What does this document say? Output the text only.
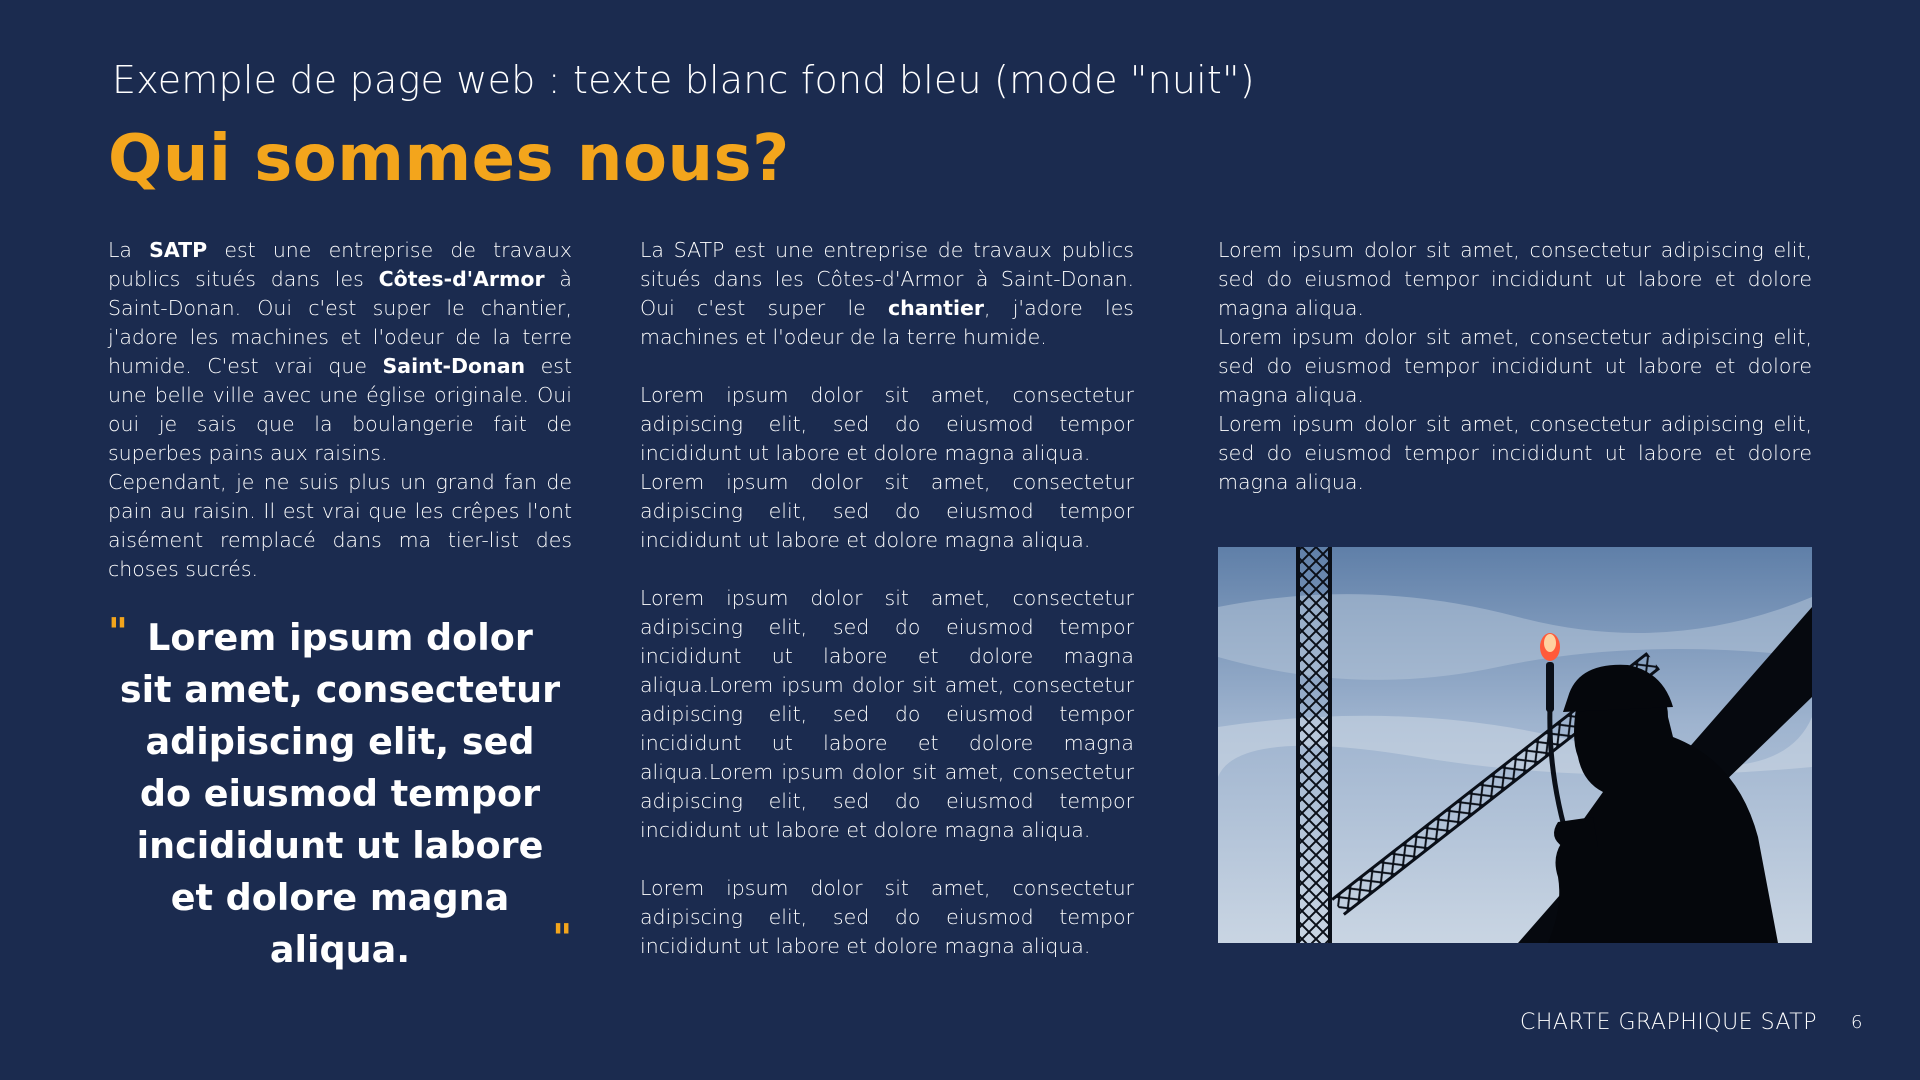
Exemple de page web : texte blanc fond bleu (mode "nuit")
Qui sommes nous?

La SATP est une entreprise de travaux publics situés dans les Côtes-d'Armor à Saint-Donan. Oui c'est super le chantier, j'adore les machines et l'odeur de la terre humide. C'est vrai que Saint-Donan est une belle ville avec une église originale. Oui oui je sais que la boulangerie fait de superbes pains aux raisins.

Cependant, je ne suis plus un grand fan de pain au raisin. Il est vrai que les crêpes l'ont aisément remplacé dans ma tier-list des choses sucrés.

" Lorem ipsum dolor sit amet, consectetur adipiscing elit, sed do eiusmod tempor incididunt ut labore et dolore magna aliqua.	"

La SATP est une entreprise de travaux publics situés dans les Côtes-d'Armor à Saint-Donan. Oui c'est super le chantier, j'adore les machines et l'odeur de la terre humide.

Lorem ipsum dolor sit amet, consectetur adipiscing elit, sed do eiusmod tempor incididunt ut labore et dolore magna aliqua.

Lorem ipsum dolor sit amet, consectetur adipiscing elit, sed do eiusmod tempor incididunt ut labore et dolore magna aliqua.

Lorem ipsum dolor sit amet, consectetur adipiscing elit, sed do eiusmod tempor incididunt ut labore et dolore magna aliqua.Lorem ipsum dolor sit amet, consectetur adipiscing elit, sed do eiusmod tempor incididunt ut labore et dolore magna aliqua.Lorem ipsum dolor sit amet, consectetur adipiscing elit, sed do eiusmod tempor incididunt ut labore et dolore magna aliqua.

Lorem ipsum dolor sit amet, consectetur adipiscing elit, sed do eiusmod tempor incididunt ut labore et dolore magna aliqua.

Lorem ipsum dolor sit amet, consectetur adipiscing elit, sed do eiusmod tempor incididunt ut labore et dolore magna aliqua.

Lorem ipsum dolor sit amet, consectetur adipiscing elit, sed do eiusmod tempor incididunt ut labore et dolore magna aliqua.

Lorem ipsum dolor sit amet, consectetur adipiscing elit, sed do eiusmod tempor incididunt ut labore et dolore magna aliqua.

CHARTE GRAPHIQUE SATP 6
